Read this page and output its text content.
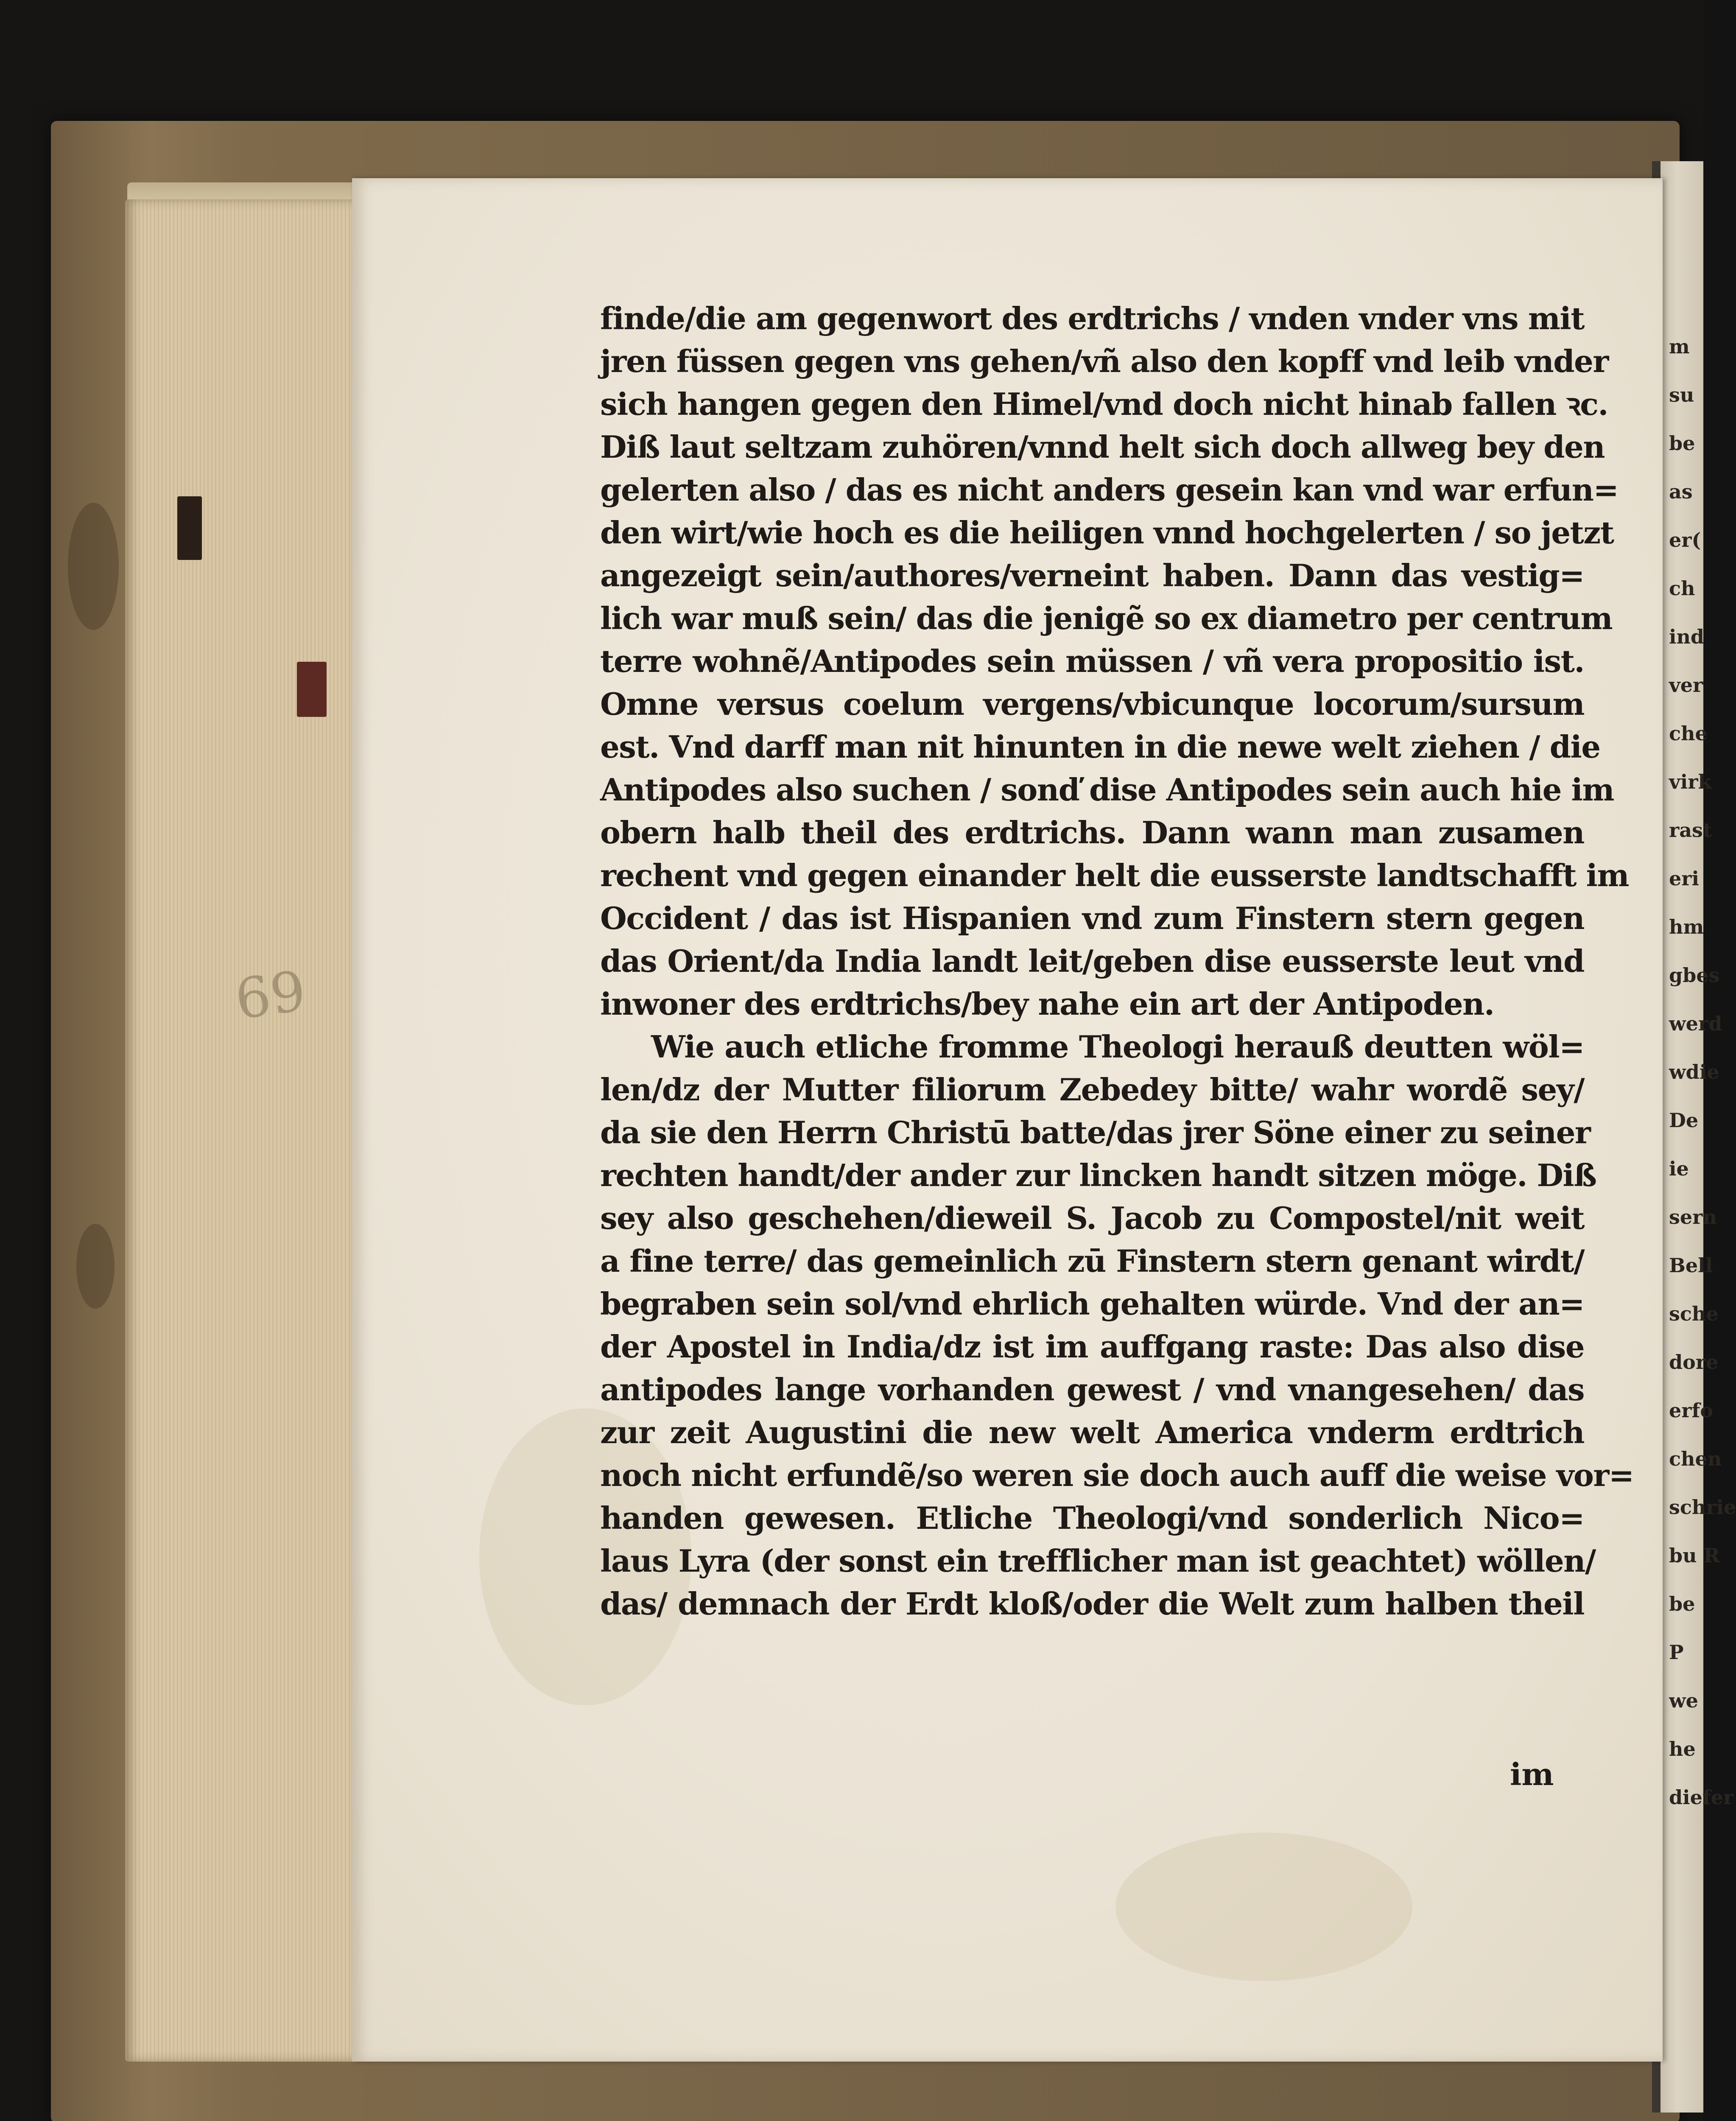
69
finde/die am gegenwort des erdtrichs / vnden vnder vns mit
jren füssen gegen vns gehen/vñ also den kopff vnd leib vnder
sich hangen gegen den Himel/vnd doch nicht hinab fallen ꝛc.
Diß laut seltzam zuhören/vnnd helt sich doch allweg bey den
gelerten also / das es nicht anders gesein kan vnd war erfun=
den wirt/wie hoch es die heiligen vnnd hochgelerten / so jetzt
angezeigt sein/authores/verneint haben. Dann das vestig=
lich war muß sein/ das die jenigẽ so ex diametro per centrum
terre wohnẽ/Antipodes sein müssen / vñ vera propositio ist.
Omne versus coelum vergens/vbicunque locorum/sursum
est. Vnd darff man nit hinunten in die newe welt ziehen / die
Antipodes also suchen / sonď dise Antipodes sein auch hie im
obern halb theil des erdtrichs. Dann wann man zusamen
rechent vnd gegen einander helt die eusserste landtschafft im
Occident / das ist Hispanien vnd zum Finstern stern gegen
das Orient/da India landt leit/geben dise eusserste leut vnd
inwoner des erdtrichs/bey nahe ein art der Antipoden.
Wie auch etliche fromme Theologi herauß deutten wöl=
len/dz der Mutter filiorum Zebedey bitte/ wahr wordẽ sey/
da sie den Herrn Christū batte/das jrer Söne einer zu seiner
rechten handt/der ander zur lincken handt sitzen möge. Diß
sey also geschehen/dieweil S. Jacob zu Compostel/nit weit
a fine terre/ das gemeinlich zū Finstern stern genant wirdt/
begraben sein sol/vnd ehrlich gehalten würde. Vnd der an=
der Apostel in India/dz ist im auffgang raste: Das also dise
antipodes lange vorhanden gewest / vnd vnangesehen/ das
zur zeit Augustini die new welt America vnderm erdtrich
noch nicht erfundẽ/so weren sie doch auch auff die weise vor=
handen gewesen. Etliche Theologi/vnd sonderlich Nico=
laus Lyra (der sonst ein trefflicher man ist geachtet) wöllen/
das/ demnach der Erdt kloß/oder die Welt zum halben theil
im
m
su
be
as
er(
ch
ind
ver
che
virk
rast
eri
hm
gbes
werd
wdie
De
ie
sern
Bell
sche
dore
erfo
chen
schrie
bu R
be
P
we
he
diefer
